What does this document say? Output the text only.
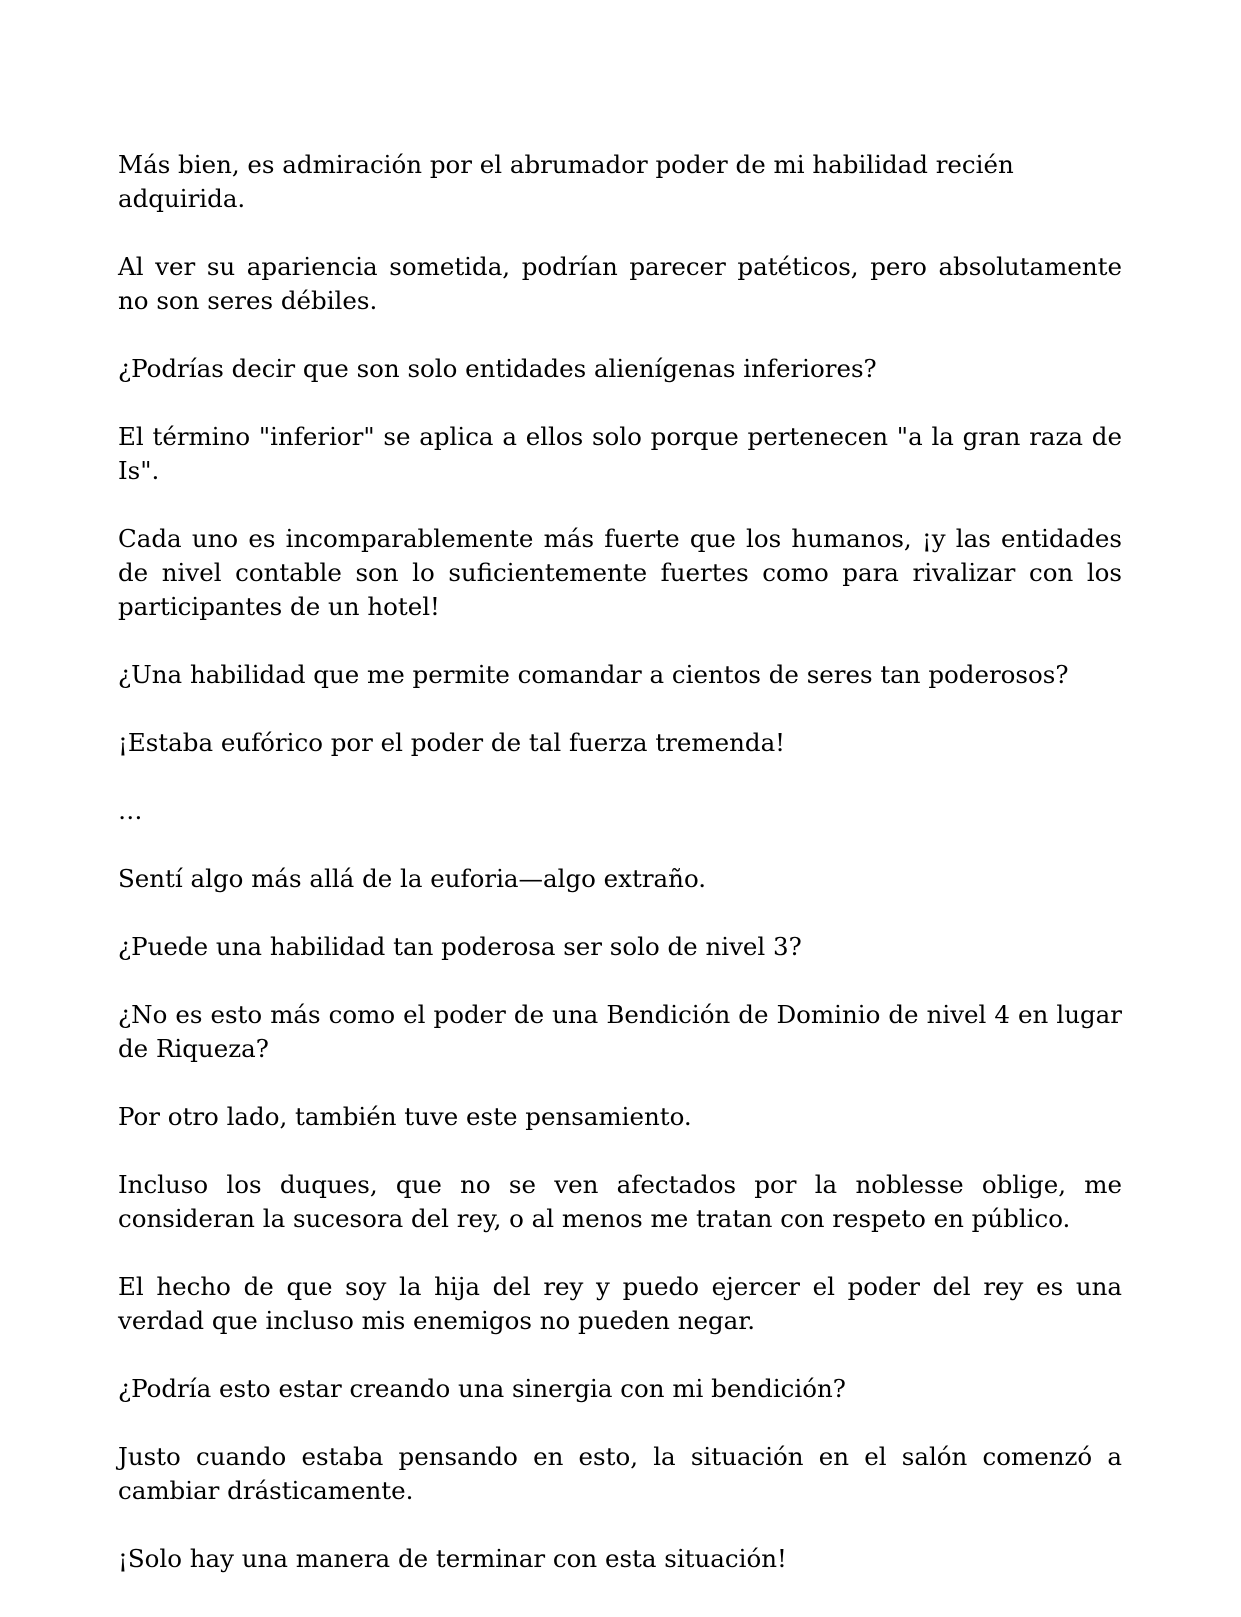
Más bien, es admiración por el abrumador poder de mi habilidad recién adquirida.

Al ver su apariencia sometida, podrían parecer patéticos, pero absolutamente no son seres débiles.

¿Podrías decir que son solo entidades alienígenas inferiores?

El término "inferior" se aplica a ellos solo porque pertenecen "a la gran raza de Is".

Cada uno es incomparablemente más fuerte que los humanos, ¡y las entidades de nivel contable son lo suficientemente fuertes como para rivalizar con los participantes de un hotel!

¿Una habilidad que me permite comandar a cientos de seres tan poderosos?

¡Estaba eufórico por el poder de tal fuerza tremenda!

…

Sentí algo más allá de la euforia—algo extraño.

¿Puede una habilidad tan poderosa ser solo de nivel 3?

¿No es esto más como el poder de una Bendición de Dominio de nivel 4 en lugar de Riqueza?

Por otro lado, también tuve este pensamiento.

Incluso los duques, que no se ven afectados por la noblesse oblige, me consideran la sucesora del rey, o al menos me tratan con respeto en público.

El hecho de que soy la hija del rey y puedo ejercer el poder del rey es una verdad que incluso mis enemigos no pueden negar.

¿Podría esto estar creando una sinergia con mi bendición?

Justo cuando estaba pensando en esto, la situación en el salón comenzó a cambiar drásticamente.

¡Solo hay una manera de terminar con esta situación!
